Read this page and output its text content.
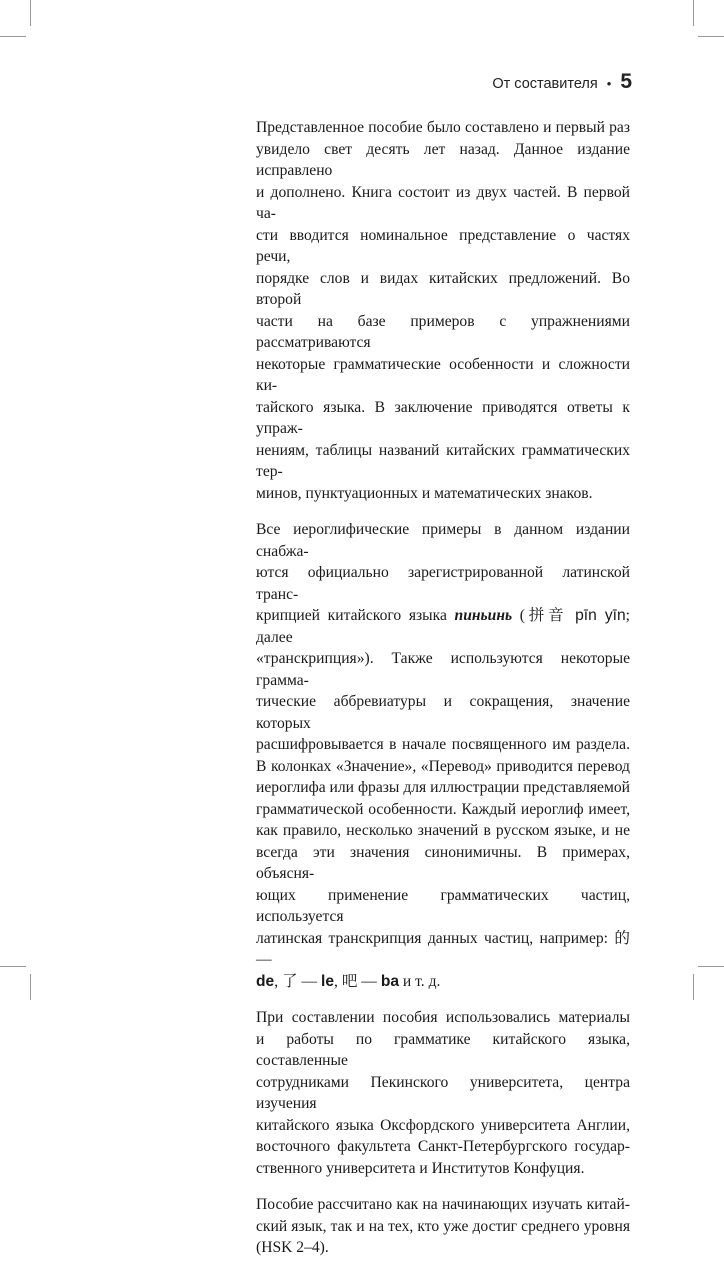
От составителя • 5

Представленное пособие было составлено и первый раз
увидело свет десять лет назад. Данное издание исправлено
и дополнено. Книга состоит из двух частей. В первой ча-
сти вводится номинальное представление о частях речи,
порядке слов и видах китайских предложений. Во второй
части на базе примеров с упражнениями рассматриваются
некоторые грамматические особенности и сложности ки-
тайского языка. В заключение приводятся ответы к упраж-
нениям, таблицы названий китайских грамматических тер-
минов, пунктуационных и математических знаков.

Все иероглифические примеры в данном издании снабжа-
ются официально зарегистрированной латинской транс-
крипцией китайского языка пиньинь (拼音 pīn yīn; далее
«транскрипция»). Также используются некоторые грамма-
тические аббревиатуры и сокращения, значение которых
расшифровывается в начале посвященного им раздела.
В колонках «Значение», «Перевод» приводится перевод
иероглифа или фразы для иллюстрации представляемой
грамматической особенности. Каждый иероглиф имеет,
как правило, несколько значений в русском языке, и не
всегда эти значения синонимичны. В примерах, объясня-
ющих применение грамматических частиц, используется
латинская транскрипция данных частиц, например: 的 —
de, 了 — le, 吧 — ba и т. д.

При составлении пособия использовались материалы
и работы по грамматике китайского языка, составленные
сотрудниками Пекинского университета, центра изучения
китайского языка Оксфордского университета Англии,
восточного факультета Санкт-Петербургского государ-
ственного университета и Институтов Конфуция.

Пособие рассчитано как на начинающих изучать китай-
ский язык, так и на тех, кто уже достиг среднего уровня
(HSK 2–4).
